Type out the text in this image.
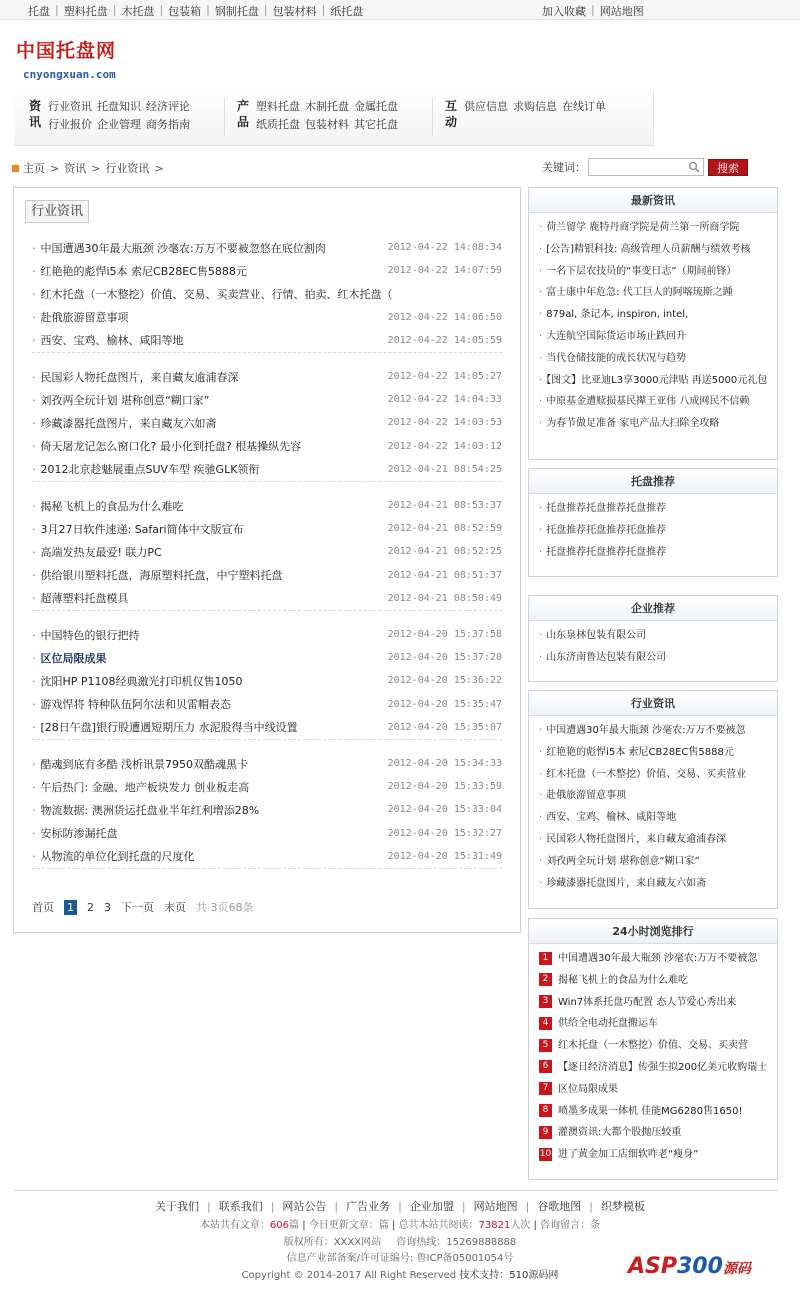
托盘 | 塑料托盘 | 木托盘 | 包装箱 | 钢制托盘 | 包装材料 | 纸托盘	加入收藏 | 网站地图
中国托盘网
cnyongxuan.com
资
讯
行业资讯 托盘知识 经济评论
行业报价 企业管理 商务指南
产
品
塑料托盘 木制托盘 金属托盘
纸质托盘 包装材料 其它托盘
互
动
供应信息 求购信息 在线订单
主页 > 资讯 > 行业资讯 >	关键词：	搜索
行业资讯
首页 1 2 3 下一页 末页 共 3页68条
· 中国遭遇30年最大瓶颈 沙毫农:万万不要被忽悠在底位割肉	2012-04-22 14:08:34
· 红艳艳的彪悍i5本 索尼CB28EC售5888元	2012-04-22 14:07:59
· 红木托盘（一木整挖）价值、交易、买卖营业、行情、拍卖、红木托盘（
· 赴俄旅游留意事项	2012-04-22 14:06:50
· 西安、宝鸡、榆林、咸阳等地	2012-04-22 14:05:59
· 民国彩人物托盘图片，来自藏友逾浦春深	2012-04-22 14:05:27
· 刘孜两全玩计划 堪称创意“糊口家”	2012-04-22 14:04:33
· 珍藏漆器托盘图片，来自藏友六如斋	2012-04-22 14:03:53
· 倚天屠龙记怎么窗口化? 最小化到托盘? 根基操纵先容	2012-04-22 14:03:12
· 2012北京趁魅展重点SUV车型 疾驰GLK领衔	2012-04-21 08:54:25
· 揭秘飞机上的食品为什么难吃	2012-04-21 08:53:37
· 3月27日软件速递: Safari简体中文版宣布	2012-04-21 08:52:59
· 高端发热友最爱! 联力PC	2012-04-21 08:52:25
· 供给银川塑料托盘，海原塑料托盘，中宁塑料托盘	2012-04-21 08:51:37
· 超薄塑料托盘模具	2012-04-21 08:50:49
· 中国特色的银行把持	2012-04-20 15:37:58
· 区位局限成果	2012-04-20 15:37:20
· 沈阳HP P1108经典激光打印机仅售1050	2012-04-20 15:36:22
· 游戏悍将 特种队伍阿尔法和贝雷帽表态	2012-04-20 15:35:47
· [28日午盘]银行股遭遇短期压力 水泥股得当中线设置	2012-04-20 15:35:07
· 酷魂到底有多酷 浅析讯景7950双酷魂黑卡	2012-04-20 15:34:33
· 午后热门: 金融、地产板块发力 创业板走高	2012-04-20 15:33:59
· 物流数据: 澳洲货运托盘业半年红利增添28%	2012-04-20 15:33:04
· 安标防渗漏托盘	2012-04-20 15:32:27
· 从物流的单位化到托盘的尺度化	2012-04-20 15:31:49
最新资讯
· 荷兰留学 鹿特丹商学院是荷兰第一所商学院
· [公告]精银科技: 高级管理人员薪酬与绩效考核
· 一名下层农技员的“事变日志”（期间前锋）
· 富士康中年危急: 代工巨人的阿喀琉斯之踵
· 879al, 条记本, inspiron, intel,
· 大连航空国际货运市场止跌回升
· 当代仓储技能的成长状况与趋势
· 【图文】比亚迪L3享3000元津贴 再送5000元礼包
· 中原基金遭赎损基民撵王亚伟 八成网民不信赖
· 为春节做足准备 家电产品大扫除全攻略
托盘推荐
· 托盘推荐托盘推荐托盘推荐
· 托盘推荐托盘推荐托盘推荐
· 托盘推荐托盘推荐托盘推荐
企业推荐
· 山东泉林包装有限公司
· 山东济南鲁达包装有限公司
行业资讯
· 中国遭遇30年最大瓶颈 沙毫农:万万不要被忽
· 红艳艳的彪悍i5本 索尼CB28EC售5888元
· 红木托盘（一木整挖）价值、交易、买卖营业
· 赴俄旅游留意事项
· 西安、宝鸡、榆林、咸阳等地
· 民国彩人物托盘图片，来自藏友逾浦春深
· 刘孜两全玩计划 堪称创意“糊口家”
· 珍藏漆器托盘图片，来自藏友六如斋
24小时浏览排行
1 中国遭遇30年最大瓶颈 沙毫农:万万不要被忽
2 揭秘飞机上的食品为什么难吃
3 Win7体系托盘巧配置 态人节爱心秀出来
4 供给全电动托盘搬运车
5 红木托盘（一木整挖）价值、交易、买卖营
6 【逐日经济消息】传强生拟200亿美元收购瑞士
7 区位局限成果
8 喷墨多成果一体机 佳能MG6280售1650!
9 灌澳资讯:大都个股抛压较重
10 进了黄金加工店细软咋老“瘦身”
关于我们 | 联系我们 | 网站公告 | 广告业务 | 企业加盟 | 网站地图 | 谷歌地图 | 织梦模板
本站共有文章：606篇 | 今日更新文章：篇 | 总共本站共阅读：73821人次 | 咨询留言：条
版权所有：XXXX网站 咨询热线：15269888888
信息产业部备案/许可证编号: 鲁ICP备05001054号
Copyright © 2014-2017 All Right Reserved 技术支持：510源码网	ASP300源码
